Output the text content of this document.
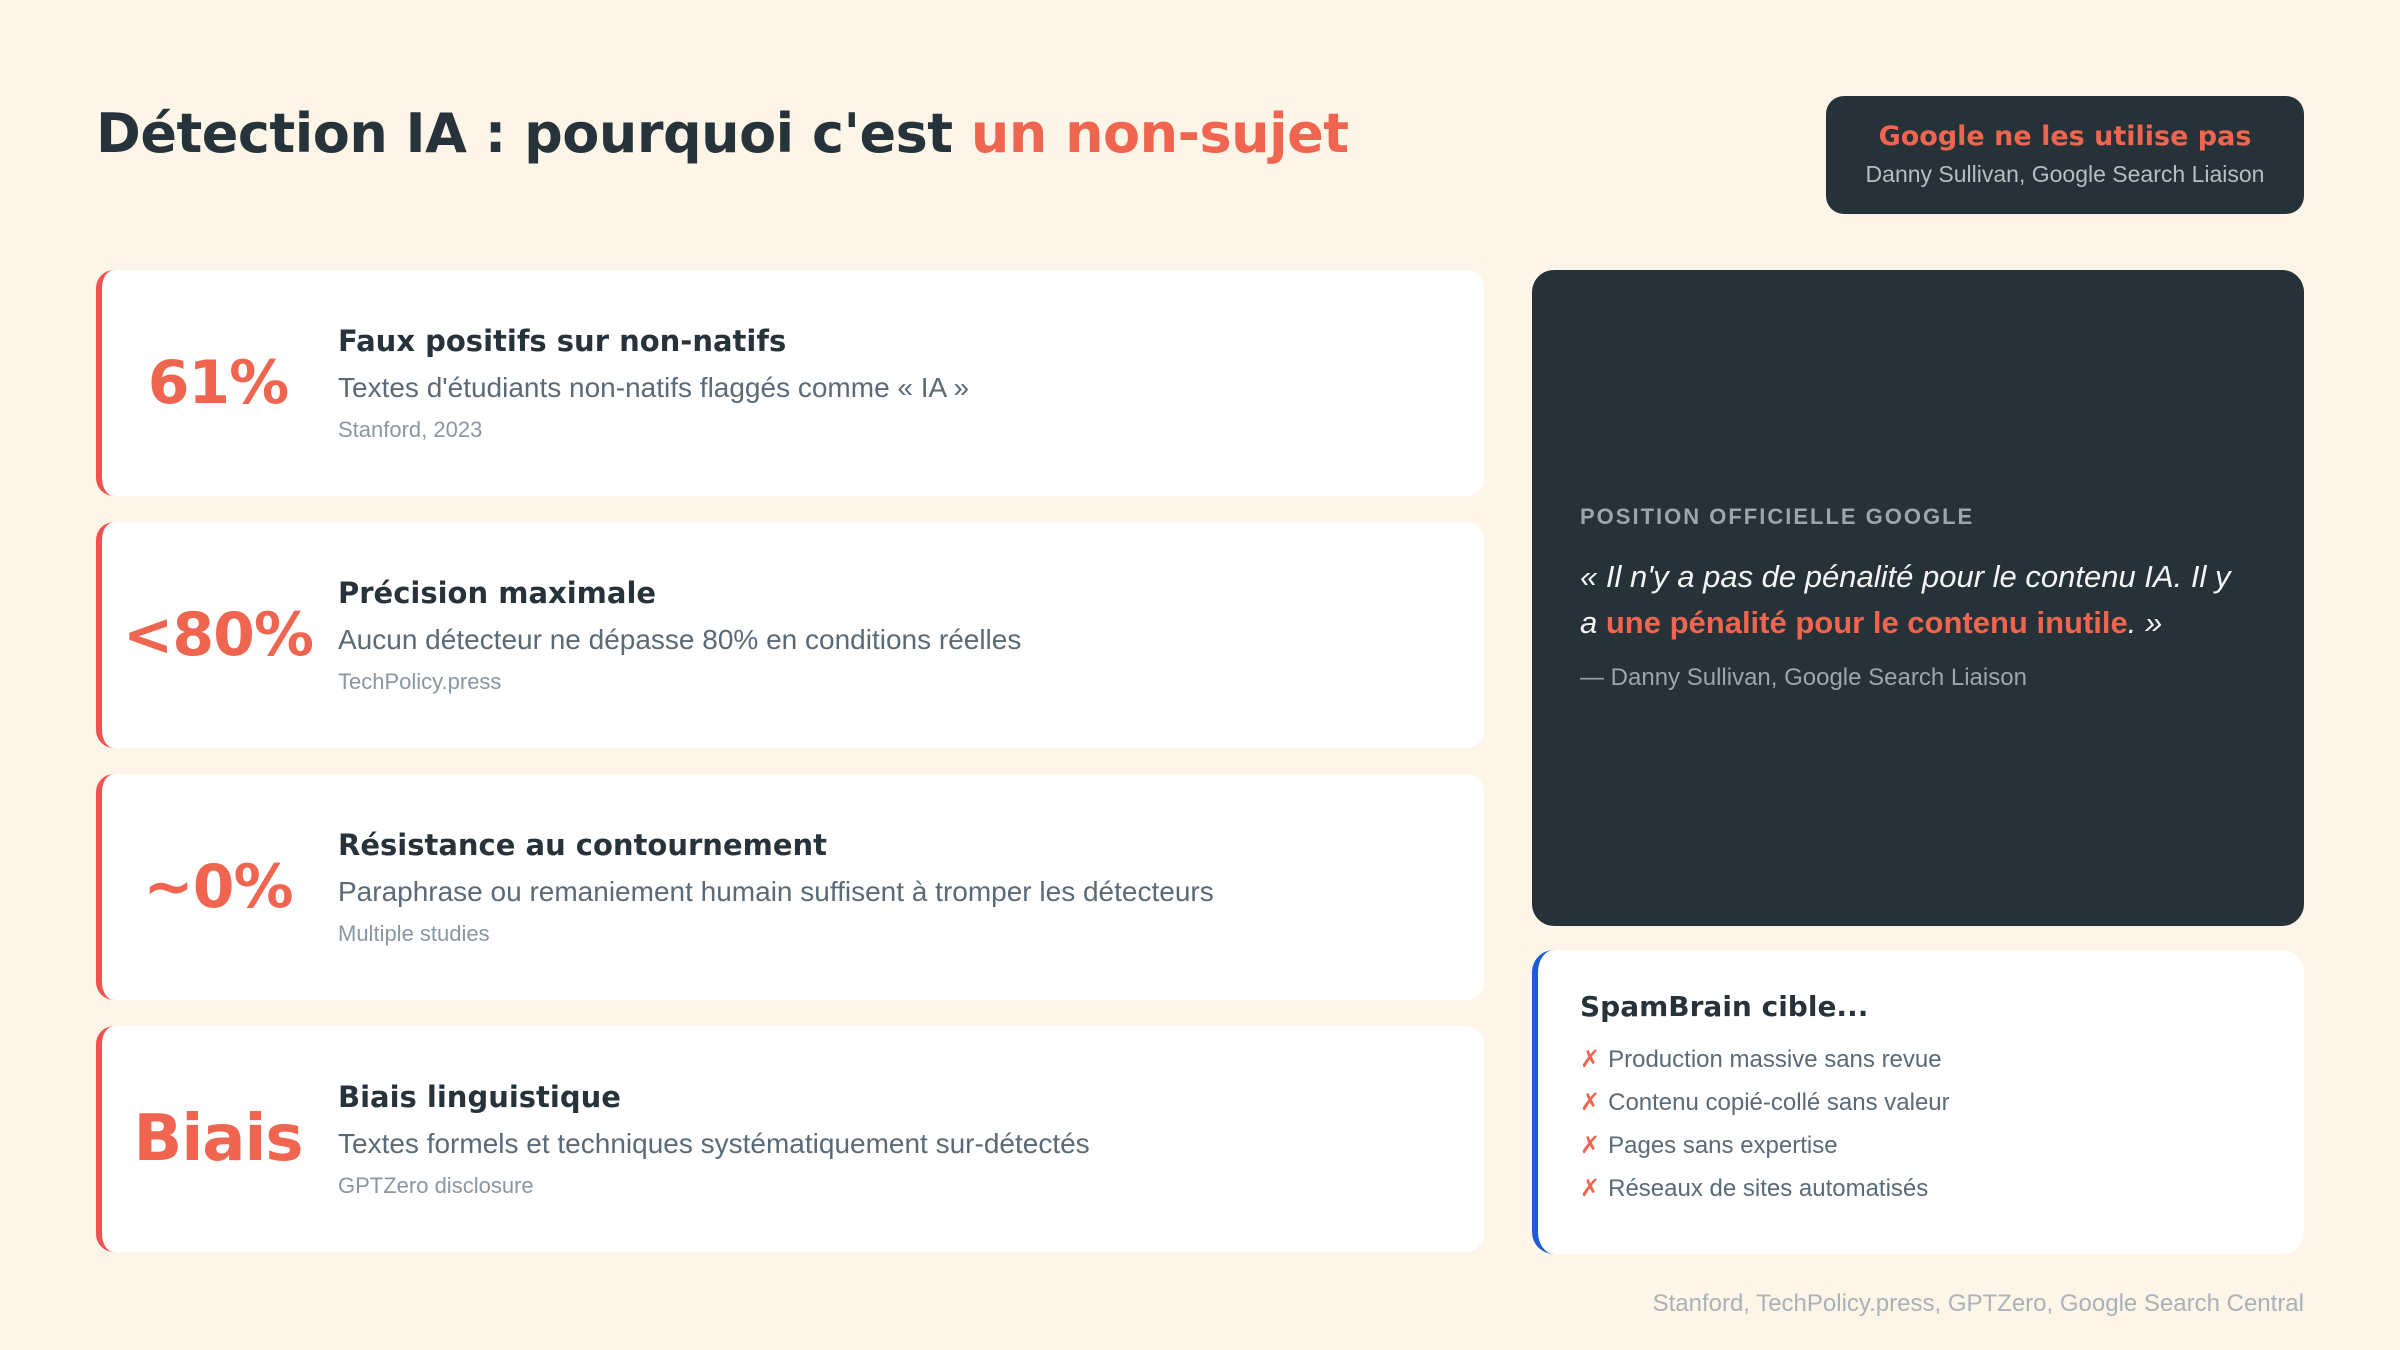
Détection IA : pourquoi c'est un non-sujet	Google ne les utilise pas
Danny Sullivan, Google Search Liaison
61%
Faux positifs sur non-natifs
Textes d'étudiants non-natifs flaggés comme « IA »
Stanford, 2023
<80%
Précision maximale
Aucun détecteur ne dépasse 80% en conditions réelles
TechPolicy.press
~0%
Résistance au contournement
Paraphrase ou remaniement humain suffisent à tromper les détecteurs
Multiple studies
Biais
Biais linguistique
Textes formels et techniques systématiquement sur-détectés
GPTZero disclosure
POSITION OFFICIELLE GOOGLE
« Il n'y a pas de pénalité pour le contenu IA. Il y a une pénalité pour le contenu inutile. »
— Danny Sullivan, Google Search Liaison
SpamBrain cible...
✗ Production massive sans revue
✗ Contenu copié-collé sans valeur
✗ Pages sans expertise
✗ Réseaux de sites automatisés
Stanford, TechPolicy.press, GPTZero, Google Search Central
